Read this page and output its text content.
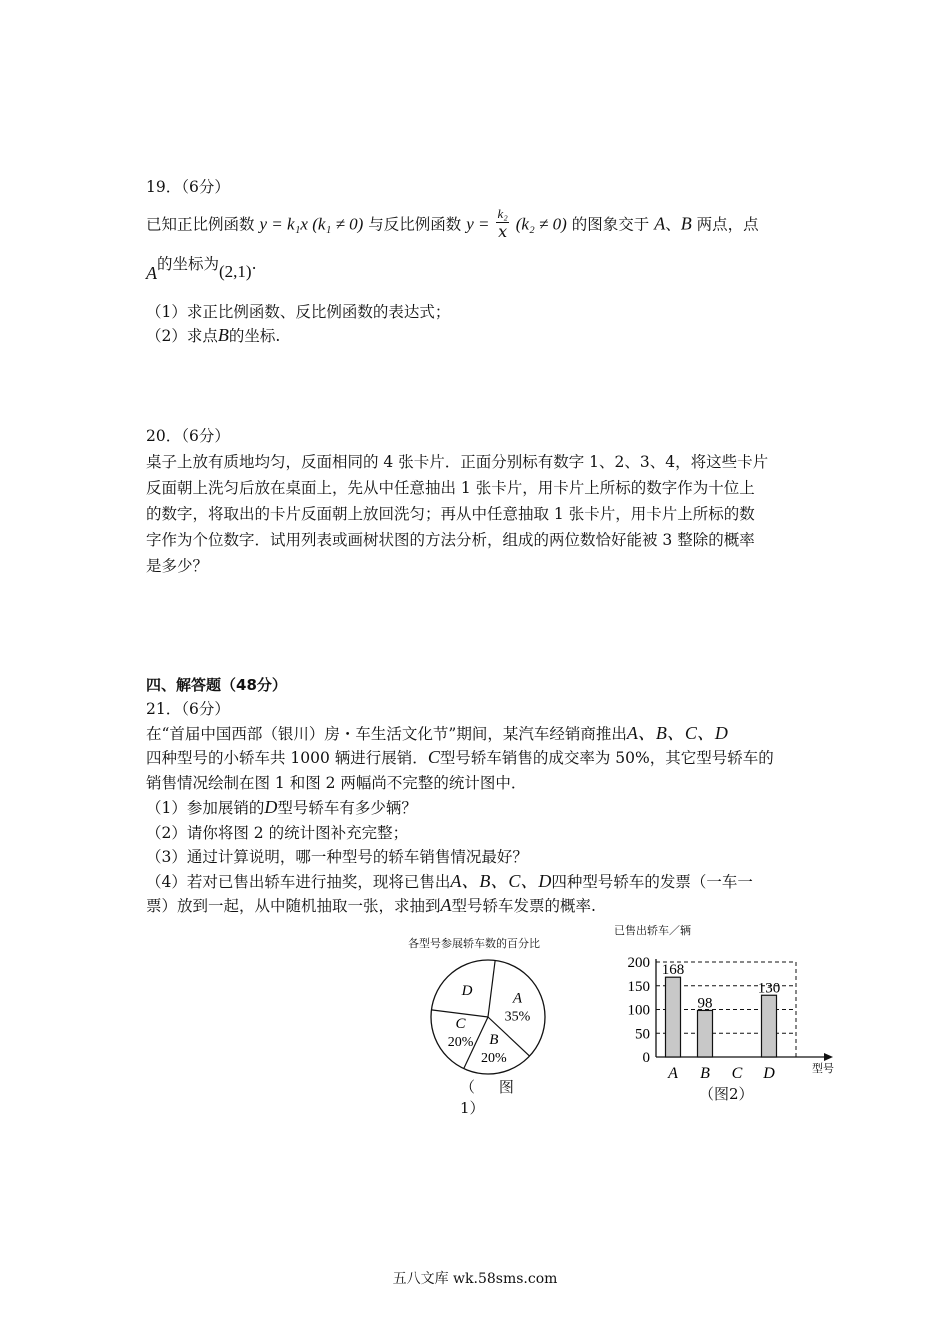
19．（6分）
已知正比例函数 y = k₁x (k₁ ≠ 0) 与反比例函数 $y = \frac{\text{k₂}}{x} (k_2 \ne 0)$ 的图象交于 A、B 两点，点
A的坐标为(2,1).
（1）求正比例函数、反比例函数的表达式；
（2）求点B的坐标.
20．（6分）
桌子上放有质地均匀，反面相同的 4 张卡片．正面分别标有数字 1、2、3、4，将这些卡片
反面朝上洗匀后放在桌面上，先从中任意抽出 1 张卡片，用卡片上所标的数字作为十位上
的数字，将取出的卡片反面朝上放回洗匀；再从中任意抽取 1 张卡片，用卡片上所标的数
字作为个位数字．试用列表或画树状图的方法分析，组成的两位数恰好能被 3 整除的概率
是多少？
四、解答题（48分）
21．（6分）
在“首届中国西部（银川）房・车生活文化节”期间，某汽车经销商推出A、B、C、D
四种型号的小轿车共 1000 辆进行展销．C型号轿车销售的成交率为 50%，其它型号轿车的
销售情况绘制在图 1 和图 2 两幅尚不完整的统计图中．
（1）参加展销的D型号轿车有多少辆？
（2）请你将图 2 的统计图补充完整；
（3）通过计算说明，哪一种型号的轿车销售情况最好？
（4）若对已售出轿车进行抽奖，现将已售出A、B、C、D四种型号轿车的发票（一车一
票）放到一起，从中随机抽取一张，求抽到A型号轿车发票的概率.
各型号参展轿车数的百分比
A
35%
B
20%
C
20%
D
（     图
1）
已售出轿车／辆
0
50
100
150
200 168
A
98
B C
130
D	型号
（图2）
五八文库 wk.58sms.com
